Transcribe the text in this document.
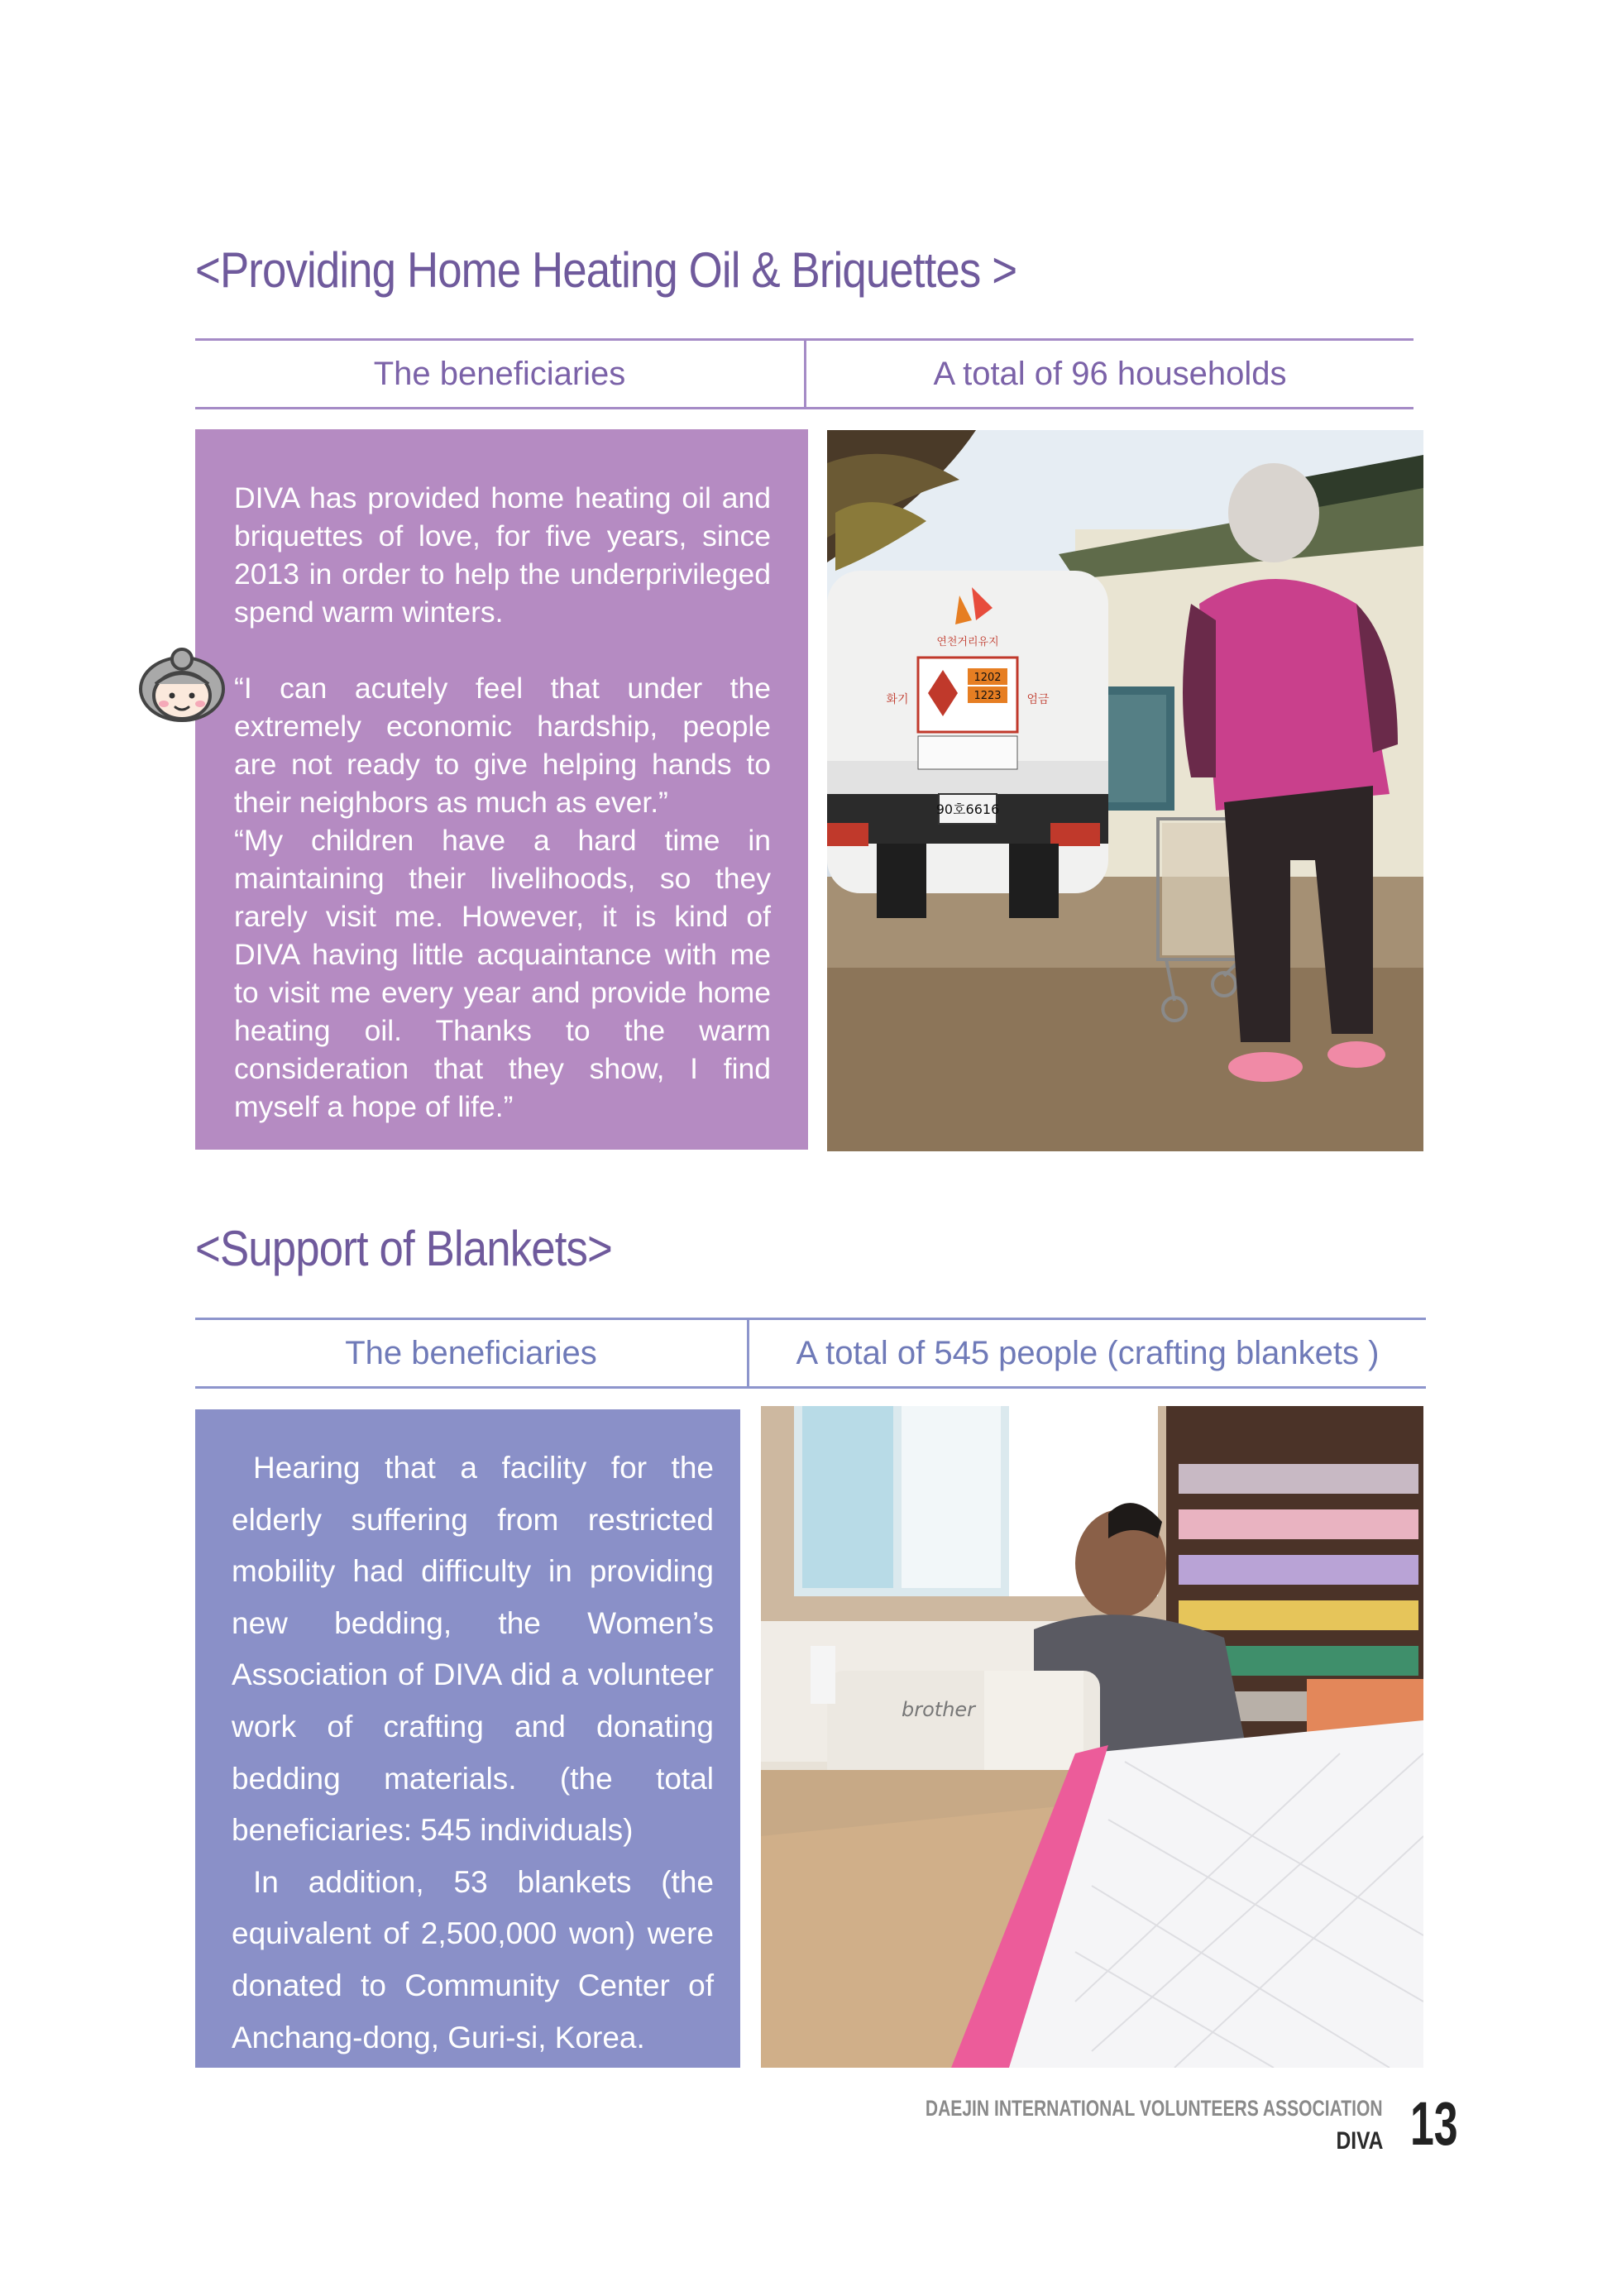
<Providing Home Heating Oil & Briquettes >
The beneficiaries	A total of 96 households

DIVA has provided home heating oil and briquettes of love, for five years, since 2013 in order to help the underprivileged spend warm winters.

“I can acutely feel that under the extremely economic hardship, people are not ready to give helping hands to their neighbors as much as ever.”

“My children have a hard time in maintaining their livelihoods, so they rarely visit me. However, it is kind of DIVA having little acquaintance with me to visit me every year and provide home heating oil. Thanks to the warm consideration that they show, I find myself a hope of life.”

90호6616
연천거리유지
1202
1223
화기	엄금
<Support of Blankets>
The beneficiaries	A total of 545 people (crafting blankets )

Hearing that a facility for the elderly suffering from restricted mobility had difficulty in providing new bedding, the Women’s Association of DIVA did a volunteer work of crafting and donating bedding materials. (the total beneficiaries: 545 individuals)

In addition, 53 blankets (the equivalent of 2,500,000 won) were donated to Community Center of Anchang-dong, Guri-si, Korea.

brother
DAEJIN INTERNATIONAL VOLUNTEERS ASSOCIATION
DIVA 13
